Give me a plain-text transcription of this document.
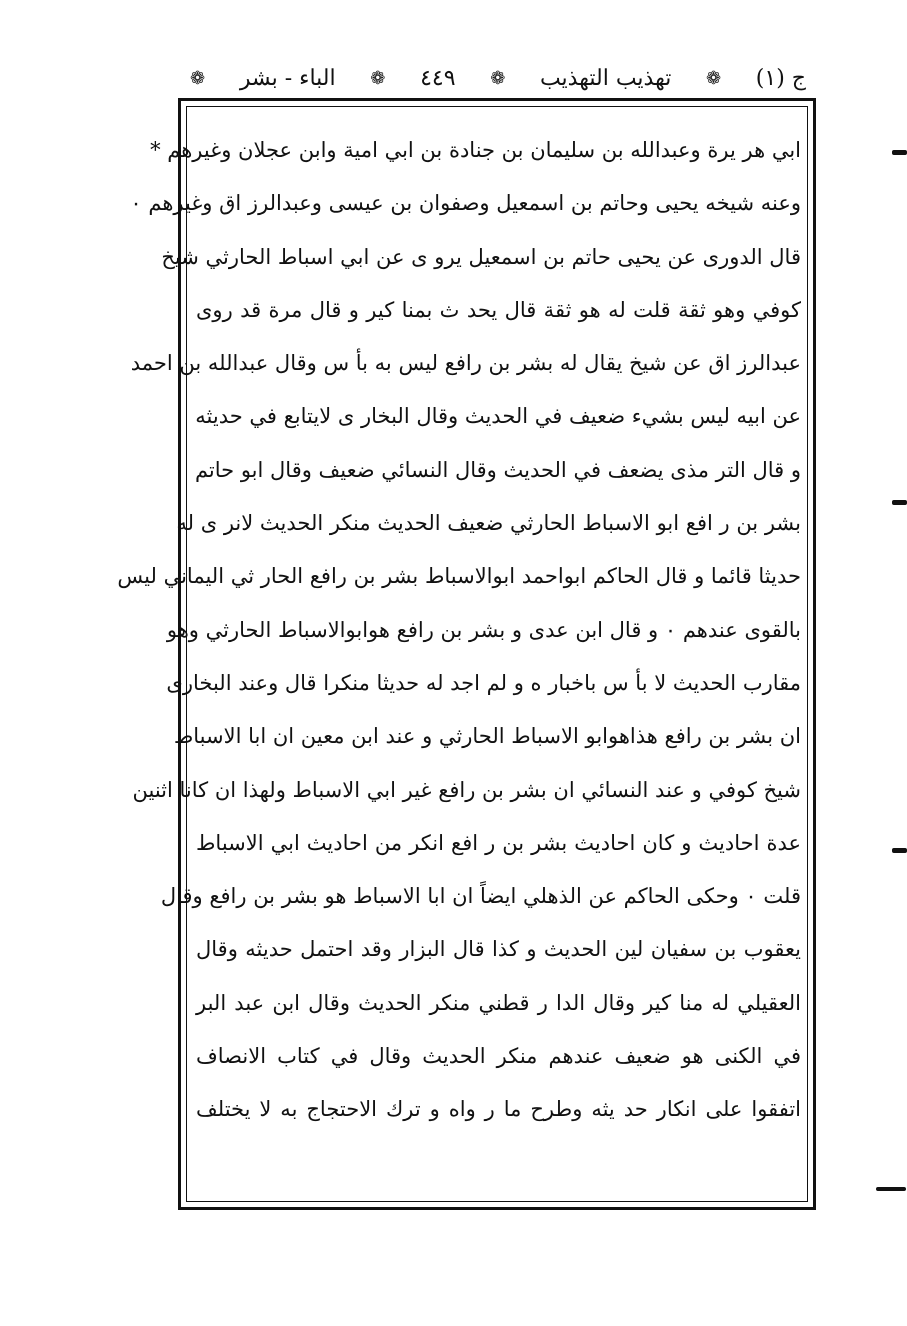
ج (١)
❁
تهذيب التهذيب
❁
٤٤٩
❁
الباء - بشر
❁
ابي هر يرة وعبدالله بن سليمان بن جنادة بن ابي امية وابن عجلان وغيرهم *
وعنه شيخه يحيى وحاتم بن اسمعيل وصفوان بن عيسى وعبدالرز اق وغيرهم ٠
قال الدورى عن يحيى حاتم بن اسمعيل يرو ى عن ابي اسباط الحارثي شيخ
كوفي وهو ثقة قلت له هو ثقة قال يحد ث بمنا كير و قال مرة قد روى
عبدالرز اق عن شيخ يقال له بشر بن رافع ليس به بأ س وقال عبدالله بن احمد
عن ابيه ليس بشيء ضعيف في الحديث وقال البخار ى لايتابع في حديثه
و قال التر مذى يضعف في الحديث وقال النسائي ضعيف وقال ابو حاتم
بشر بن ر افع ابو الاسباط الحارثي ضعيف الحديث منكر الحديث لانر ى له
حديثا قائما و قال الحاكم ابواحمد ابوالاسباط بشر بن رافع الحار ثي اليماني ليس
بالقوى عندهم ٠ و قال ابن عدى و بشر بن رافع هوابوالاسباط الحارثي وهو
مقارب الحديث لا بأ س باخبار ه و لم اجد له حديثا منكرا قال وعند البخارى
ان بشر بن رافع هذاهوابو الاسباط الحارثي و عند ابن معين ان ابا الاسباط
شيخ كوفي و عند النسائي ان بشر بن رافع غير ابي الاسباط ولهذا ان كانا اثنين
عدة احاديث و كان احاديث بشر بن ر افع انكر من احاديث ابي الاسباط
قلت ٠ وحكى الحاكم عن الذهلي ايضاً ان ابا الاسباط هو بشر بن رافع وقال
يعقوب بن سفيان لين الحديث و كذا قال البزار وقد احتمل حديثه وقال
العقيلي له منا كير وقال الدا ر قطني منكر الحديث وقال ابن عبد البر
في الكنى هو ضعيف عندهم منكر الحديث وقال في كتاب الانصاف
اتفقوا على انكار حد يثه وطرح ما ر واه و ترك الاحتجاج به لا يختلف
